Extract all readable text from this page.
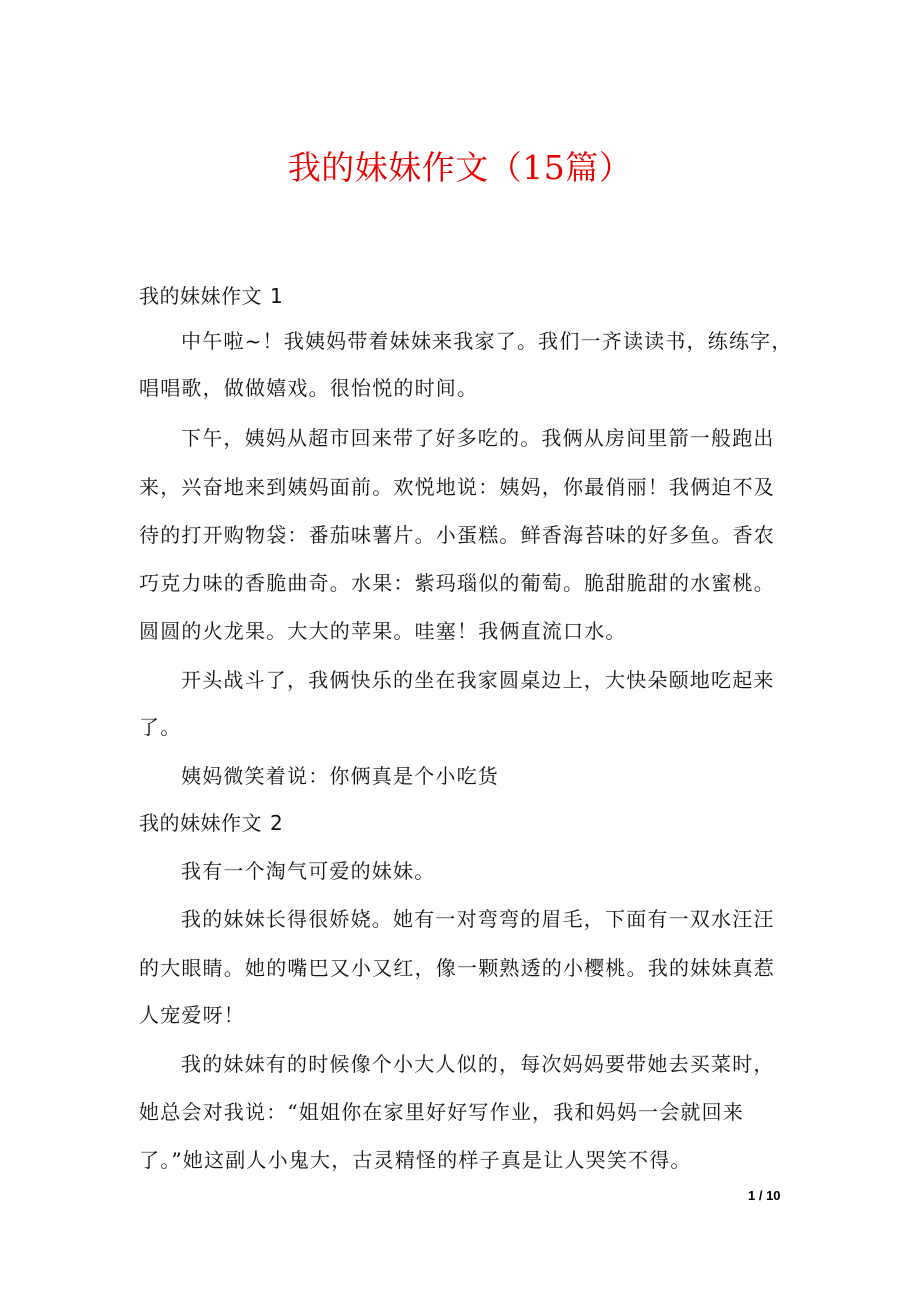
我的妹妹作文（15篇）
我的妹妹作文 1
中午啦~！我姨妈带着妹妹来我家了。我们一齐读读书，练练字，
唱唱歌，做做嬉戏。很怡悦的时间。
下午，姨妈从超市回来带了好多吃的。我俩从房间里箭一般跑出
来，兴奋地来到姨妈面前。欢悦地说：姨妈，你最俏丽！我俩迫不及
待的打开购物袋：番茄味薯片。小蛋糕。鲜香海苔味的好多鱼。香农
巧克力味的香脆曲奇。水果：紫玛瑙似的葡萄。脆甜脆甜的水蜜桃。
圆圆的火龙果。大大的苹果。哇塞！我俩直流口水。
开头战斗了，我俩快乐的坐在我家圆桌边上，大快朵颐地吃起来
了。
姨妈微笑着说：你俩真是个小吃货
我的妹妹作文 2
我有一个淘气可爱的妹妹。
我的妹妹长得很娇娆。她有一对弯弯的眉毛，下面有一双水汪汪
的大眼睛。她的嘴巴又小又红，像一颗熟透的小樱桃。我的妹妹真惹
人宠爱呀！
我的妹妹有的时候像个小大人似的，每次妈妈要带她去买菜时，
她总会对我说：“姐姐你在家里好好写作业，我和妈妈一会就回来
了。”她这副人小鬼大，古灵精怪的样子真是让人哭笑不得。
1 / 10
